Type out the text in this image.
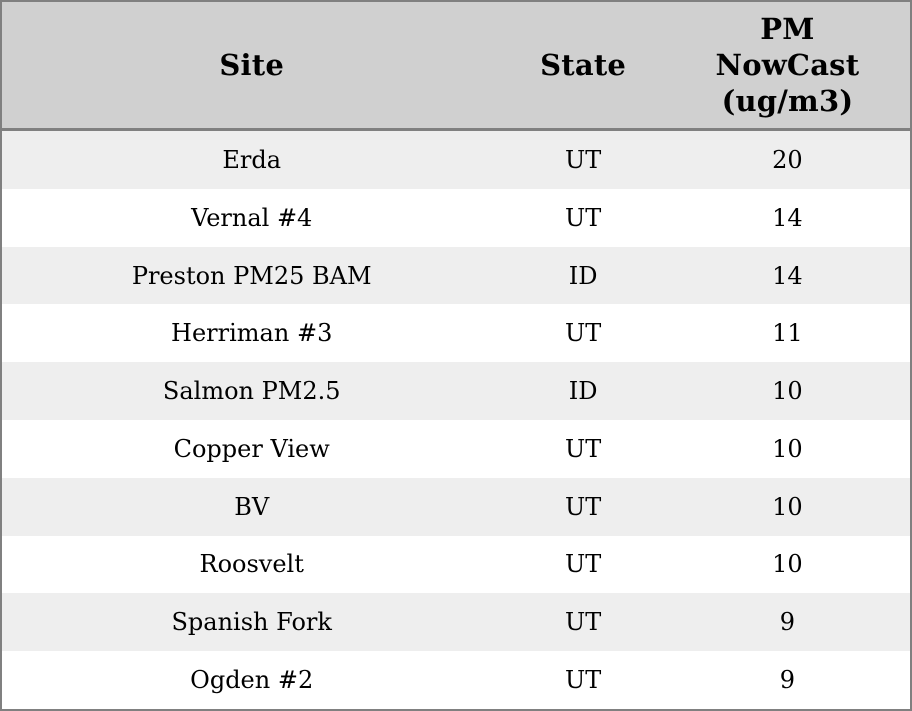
Site	State	PM
NowCast
(ug/m3)

Erda	UT	20
Vernal #4	UT	14
Preston PM25 BAM	ID	14
Herriman #3	UT	11
Salmon PM2.5	ID	10
Copper View	UT	10
BV	UT	10
Roosvelt	UT	10
Spanish Fork	UT	9
Ogden #2	UT	9
